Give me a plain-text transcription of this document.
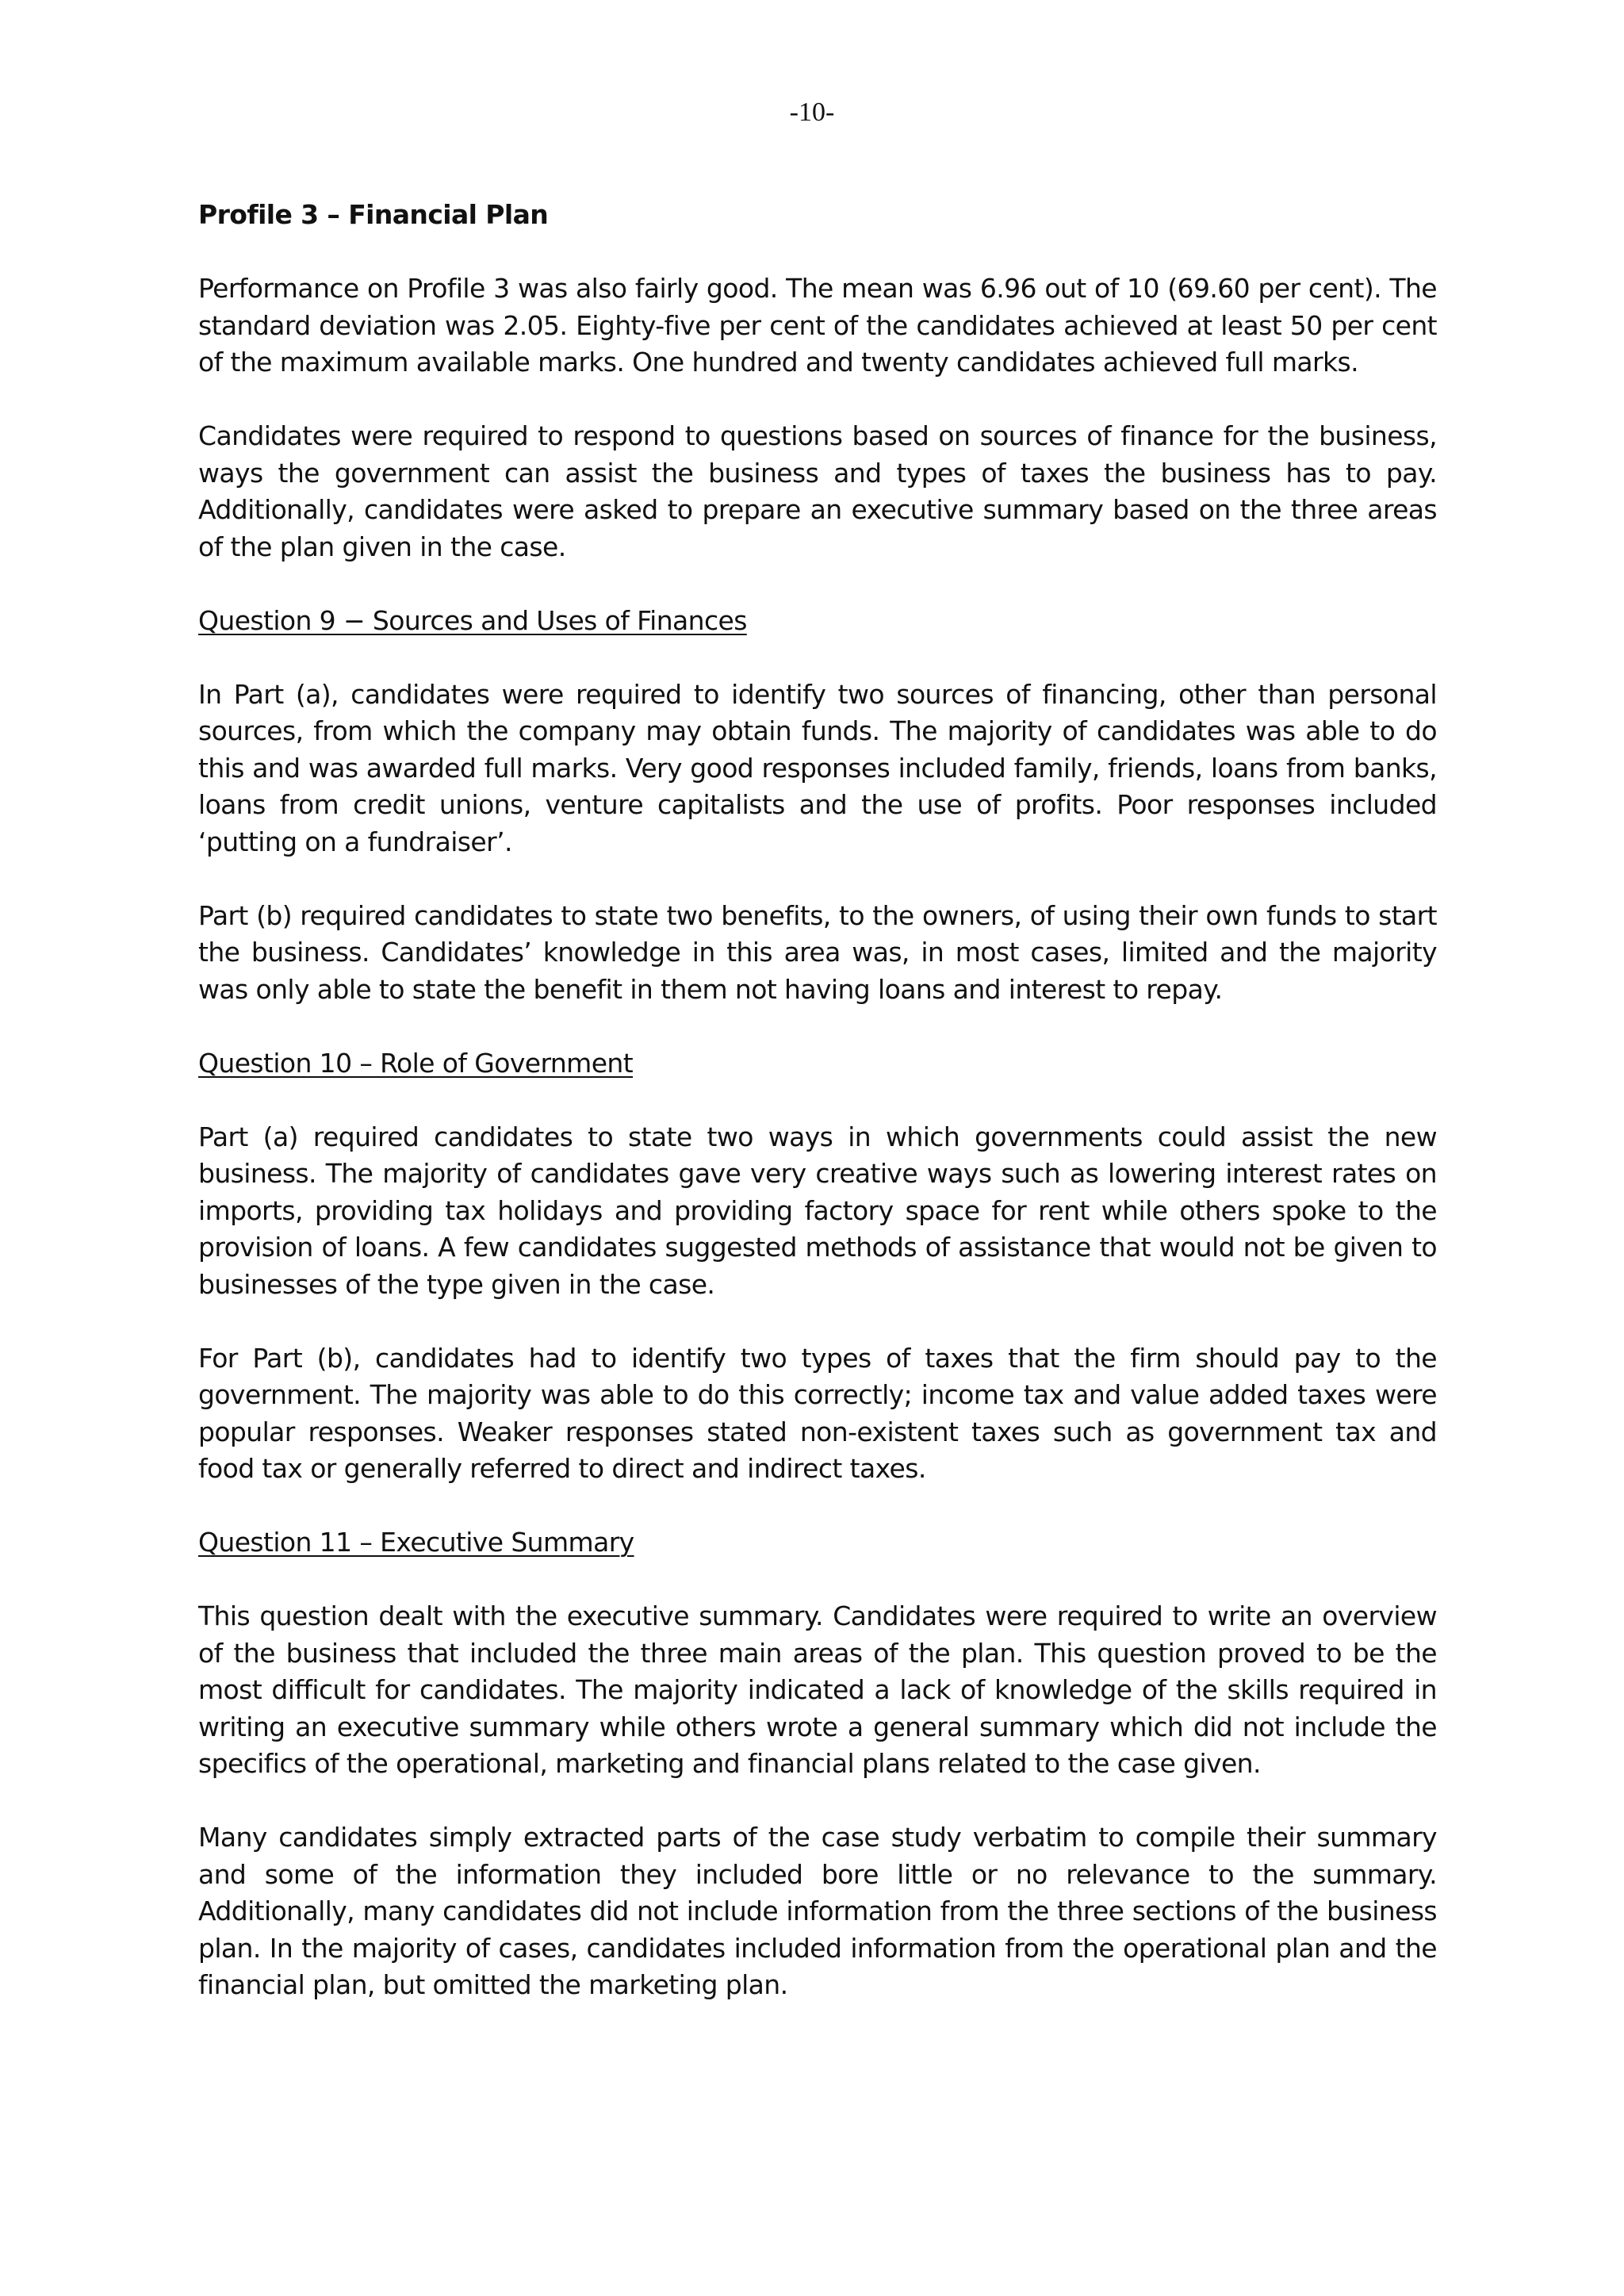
-10-

Profile 3 – Financial Plan

Performance on Profile 3 was also fairly good. The mean was 6.96 out of 10 (69.60 per cent). The standard deviation was 2.05. Eighty-five per cent of the candidates achieved at least 50 per cent of the maximum available marks. One hundred and twenty candidates achieved full marks.

Candidates were required to respond to questions based on sources of finance for the business, ways the government can assist the business and types of taxes the business has to pay. Additionally, candidates were asked to prepare an executive summary based on the three areas of the plan given in the case.

Question 9 − Sources and Uses of Finances

In Part (a), candidates were required to identify two sources of financing, other than personal sources, from which the company may obtain funds. The majority of candidates was able to do this and was awarded full marks. Very good responses included family, friends, loans from banks, loans from credit unions, venture capitalists and the use of profits. Poor responses included ‘putting on a fundraiser’.

Part (b) required candidates to state two benefits, to the owners, of using their own funds to start the business. Candidates’ knowledge in this area was, in most cases, limited and the majority was only able to state the benefit in them not having loans and interest to repay.

Question 10 – Role of Government

Part (a) required candidates to state two ways in which governments could assist the new business. The majority of candidates gave very creative ways such as lowering interest rates on imports, providing tax holidays and providing factory space for rent while others spoke to the provision of loans. A few candidates suggested methods of assistance that would not be given to businesses of the type given in the case.

For Part (b), candidates had to identify two types of taxes that the firm should pay to the government. The majority was able to do this correctly; income tax and value added taxes were popular responses. Weaker responses stated non-existent taxes such as government tax and food tax or generally referred to direct and indirect taxes.

Question 11 – Executive Summary

This question dealt with the executive summary. Candidates were required to write an overview of the business that included the three main areas of the plan. This question proved to be the most difficult for candidates. The majority indicated a lack of knowledge of the skills required in writing an executive summary while others wrote a general summary which did not include the specifics of the operational, marketing and financial plans related to the case given.

Many candidates simply extracted parts of the case study verbatim to compile their summary and some of the information they included bore little or no relevance to the summary. Additionally, many candidates did not include information from the three sections of the business plan. In the majority of cases, candidates included information from the operational plan and the financial plan, but omitted the marketing plan.
